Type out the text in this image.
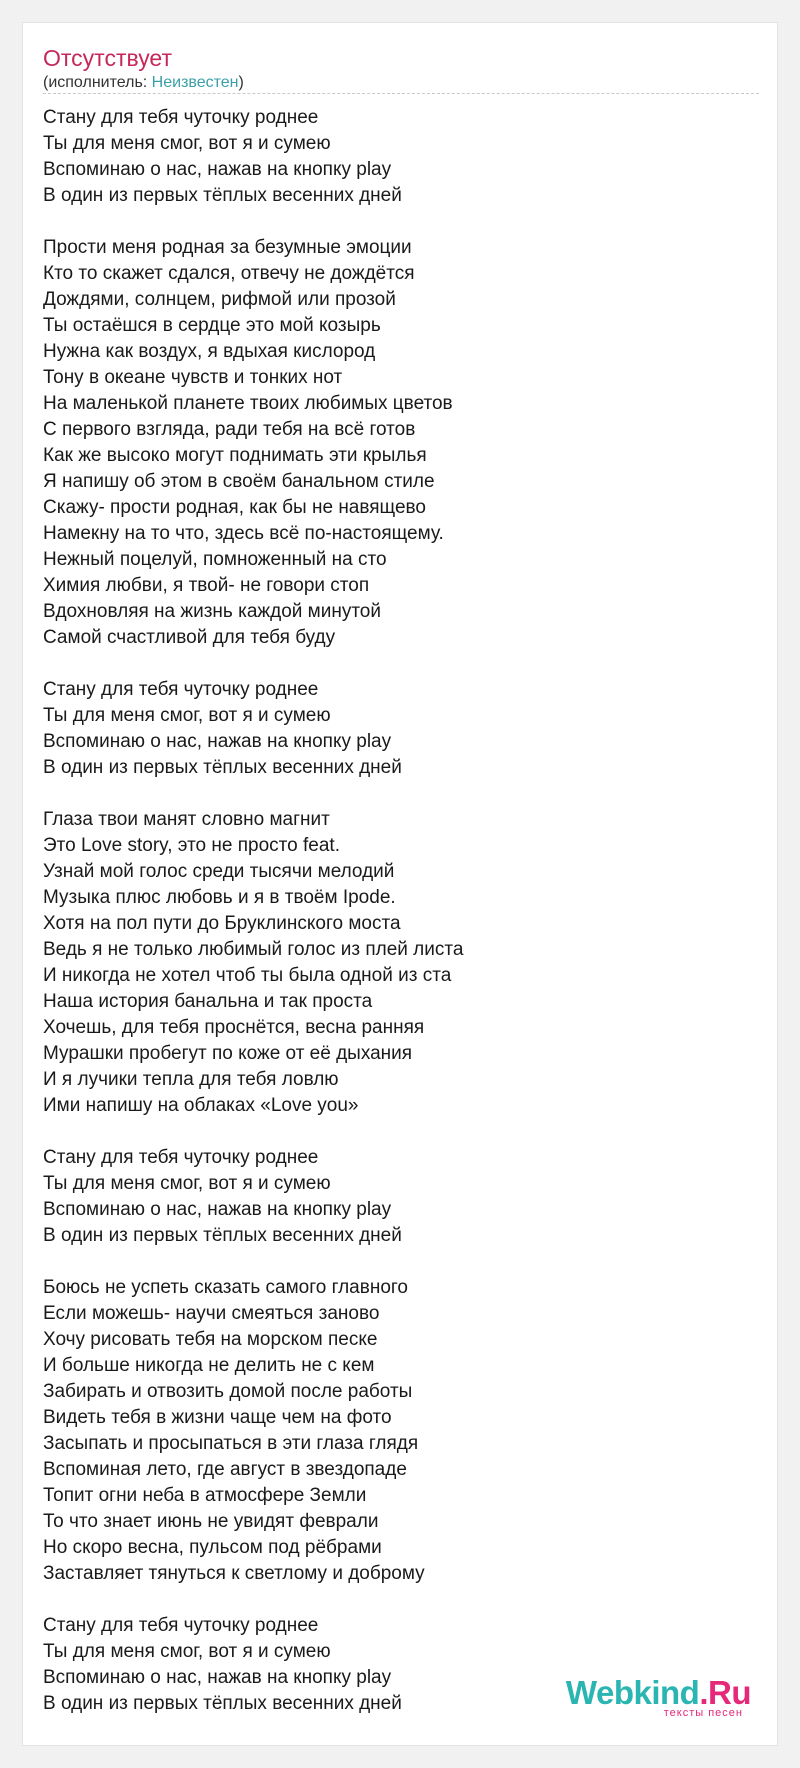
Отсутствует
(исполнитель: Неизвестен)
Стану для тебя чуточку роднее
Ты для меня смог, вот я и сумею
Вспоминаю о нас, нажав на кнопку play
В один из первых тёплых весенних дней
Прости меня родная за безумные эмоции
Кто то скажет сдался, отвечу не дождётся
Дождями, солнцем, рифмой или прозой
Ты остаёшся в сердце это мой козырь
Нужна как воздух, я вдыхая кислород
Тону в океане чувств и тонких нот
На маленькой планете твоих любимых цветов
С первого взгляда, ради тебя на всё готов
Как же высоко могут поднимать эти крылья
Я напишу об этом в своём банальном стиле
Скажу- прости родная, как бы не навящево
Намекну на то что, здесь всё по-настоящему.
Нежный поцелуй, помноженный на сто
Химия любви, я твой- не говори стоп
Вдохновляя на жизнь каждой минутой
Самой счастливой для тебя буду
Стану для тебя чуточку роднее
Ты для меня смог, вот я и сумею
Вспоминаю о нас, нажав на кнопку play
В один из первых тёплых весенних дней
Глаза твои манят словно магнит
Это Love story, это не просто feat.
Узнай мой голос среди тысячи мелодий
Музыка плюс любовь и я в твоём Ipode.
Хотя на пол пути до Бруклинского моста
Ведь я не только любимый голос из плей листа
И никогда не хотел чтоб ты была одной из ста
Наша история банальна и так проста
Хочешь, для тебя проснётся, весна ранняя
Мурашки пробегут по коже от её дыхания
И я лучики тепла для тебя ловлю
Ими напишу на облаках «Love you»
Стану для тебя чуточку роднее
Ты для меня смог, вот я и сумею
Вспоминаю о нас, нажав на кнопку play
В один из первых тёплых весенних дней
Боюсь не успеть сказать самого главного
Если можешь- научи смеяться заново
Хочу рисовать тебя на морском песке
И больше никогда не делить не с кем
Забирать и отвозить домой после работы
Видеть тебя в жизни чаще чем на фото
Засыпать и просыпаться в эти глаза глядя
Вспоминая лето, где август в звездопаде
Топит огни неба в атмосфере Земли
То что знает июнь не увидят феврали
Но скоро весна, пульсом под рёбрами
Заставляет тянуться к светлому и доброму
Стану для тебя чуточку роднее
Ты для меня смог, вот я и сумею
Вспоминаю о нас, нажав на кнопку play
В один из первых тёплых весенних дней	Webkind.Ru
тексты песен
